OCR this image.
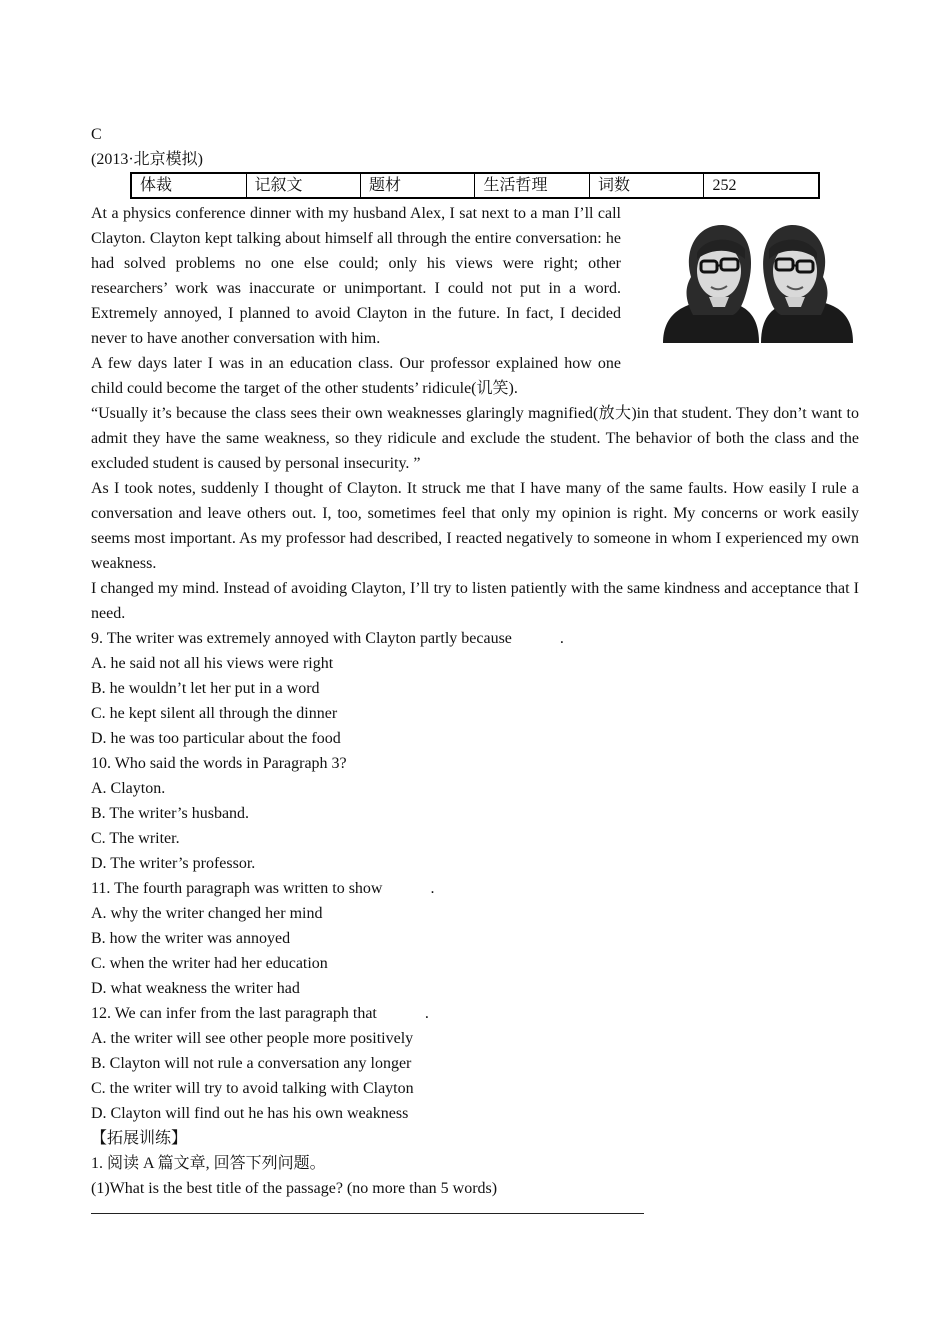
C
(2013·北京模拟)
体裁	记叙文	题材	生活哲理	词数	252

At a physics conference dinner with my husband Alex, I sat next to a man I’ll call Clayton. Clayton kept talking about himself all through the entire conversation: he had solved problems no one else could; only his views were right; other researchers’ work was inaccurate or unimportant. I could not put in a word. Extremely annoyed, I planned to avoid Clayton in the future. In fact, I decided never to have another conversation with him.

A few days later I was in an education class. Our professor explained how one child could become the target of the other students’ ridicule(讥笑).

“Usually it’s because the class sees their own weaknesses glaringly magnified(放大)in that student. They don’t want to admit they have the same weakness, so they ridicule and exclude the student. The behavior of both the class and the excluded student is caused by personal insecurity. ”

As I took notes, suddenly I thought of Clayton. It struck me that I have many of the same faults. How easily I rule a conversation and leave others out. I, too, sometimes feel that only my opinion is right. My concerns or work easily seems most important. As my professor had described, I reacted negatively to someone in whom I experienced my own weakness.

I changed my mind. Instead of avoiding Clayton, I’ll try to listen patiently with the same kindness and acceptance that I need.

9. The writer was extremely annoyed with Clayton partly because	.
A. he said not all his views were right
B. he wouldn’t let her put in a word
C. he kept silent all through the dinner
D. he was too particular about the food
10. Who said the words in Paragraph 3?
A. Clayton.
B. The writer’s husband.
C. The writer.
D. The writer’s professor.
11. The fourth paragraph was written to show	.
A. why the writer changed her mind
B. how the writer was annoyed
C. when the writer had her education
D. what weakness the writer had
12. We can infer from the last paragraph that	.
A. the writer will see other people more positively
B. Clayton will not rule a conversation any longer
C. the writer will try to avoid talking with Clayton
D. Clayton will find out he has his own weakness
【拓展训练】
1. 阅读 A 篇文章, 回答下列问题。
(1)What is the best title of the passage? (no more than 5 words)
